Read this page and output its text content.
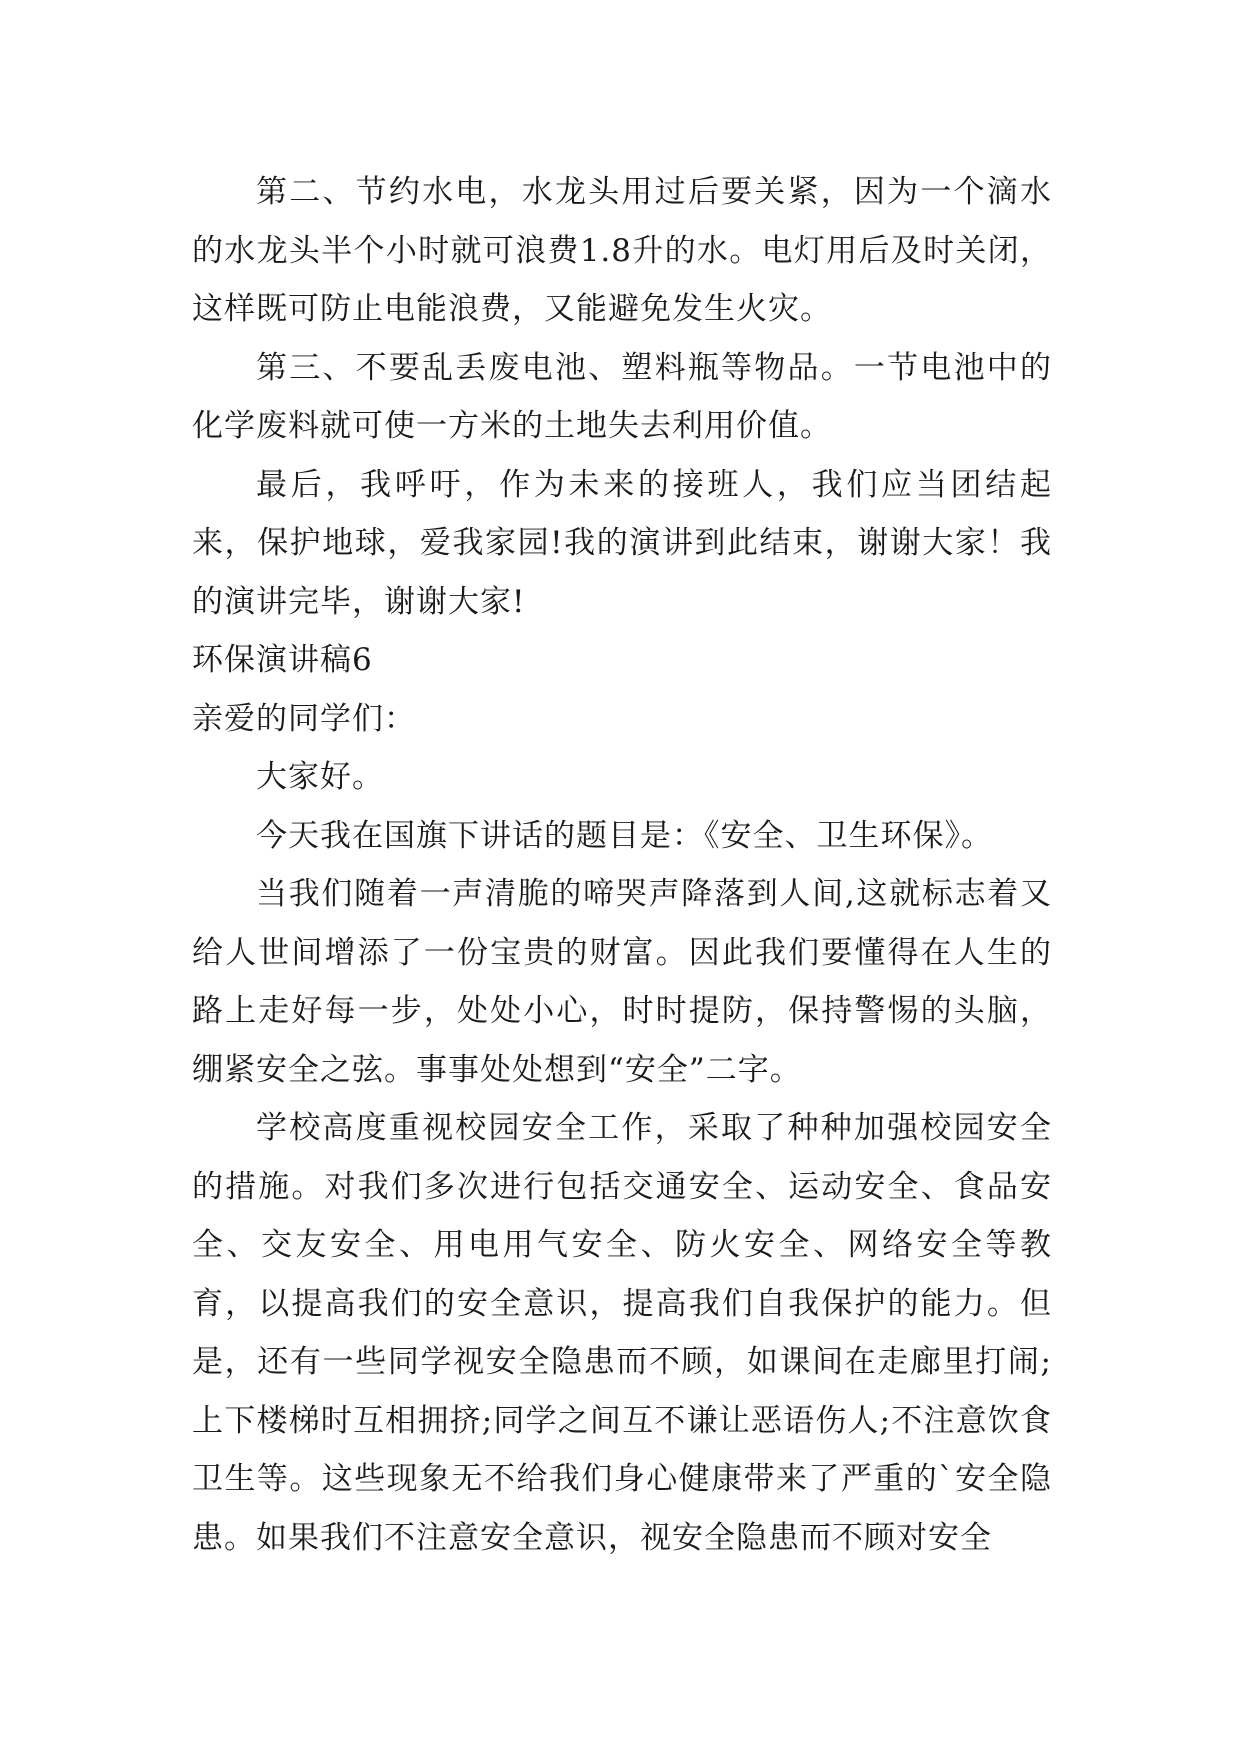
第二、节约水电，水龙头用过后要关紧，因为一个滴水的水龙头半个小时就可浪费1.8升的水。电灯用后及时关闭，这样既可防止电能浪费，又能避免发生火灾。

第三、不要乱丢废电池、塑料瓶等物品。一节电池中的化学废料就可使一方米的土地失去利用价值。

最后，我呼吁，作为未来的接班人，我们应当团结起来，保护地球，爱我家园!我的演讲到此结束，谢谢大家！我的演讲完毕，谢谢大家!

环保演讲稿6

亲爱的同学们：

大家好。

今天我在国旗下讲话的题目是：《安全、卫生环保》。

当我们随着一声清脆的啼哭声降落到人间,这就标志着又给人世间增添了一份宝贵的财富。因此我们要懂得在人生的路上走好每一步，处处小心，时时提防，保持警惕的头脑，绷紧安全之弦。事事处处想到“安全”二字。

学校高度重视校园安全工作，采取了种种加强校园安全的措施。对我们多次进行包括交通安全、运动安全、食品安全、交友安全、用电用气安全、防火安全、网络安全等教育，以提高我们的安全意识，提高我们自我保护的能力。但是，还有一些同学视安全隐患而不顾，如课间在走廊里打闹;上下楼梯时互相拥挤;同学之间互不谦让恶语伤人;不注意饮食卫生等。这些现象无不给我们身心健康带来了严重的`安全隐患。如果我们不注意安全意识，视安全隐患而不顾对安全
